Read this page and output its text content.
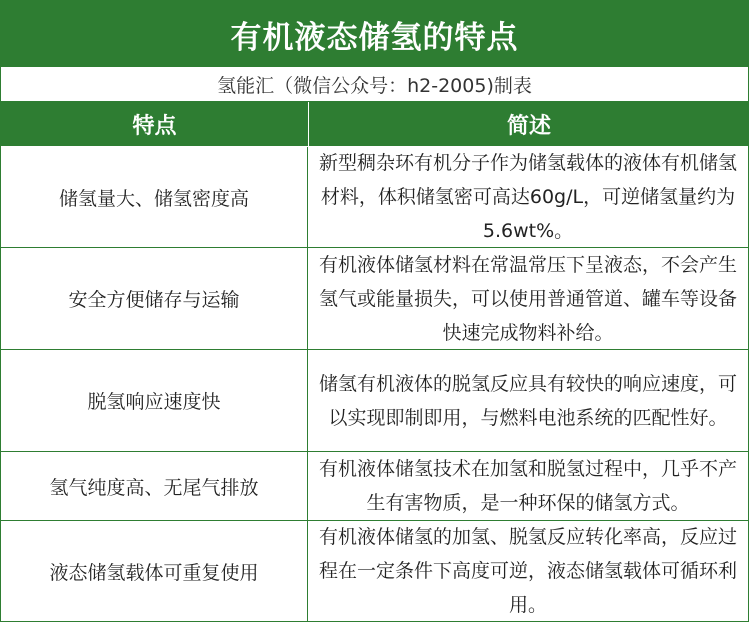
有机液态储氢的特点
氢能汇（微信公众号：h2-2005)制表
特点	简述
储氢量大、储氢密度高
新型稠杂环有机分子作为储氢载体的液体有机储氢材料，体积储氢密可高达60g/L，可逆储氢量约为5.6wt%。
安全方便储存与运输
有机液体储氢材料在常温常压下呈液态，不会产生氢气或能量损失，可以使用普通管道、罐车等设备快速完成物料补给。
脱氢响应速度快
储氢有机液体的脱氢反应具有较快的响应速度，可以实现即制即用，与燃料电池系统的匹配性好。
氢气纯度高、无尾气排放
有机液体储氢技术在加氢和脱氢过程中，几乎不产生有害物质，是一种环保的储氢方式。
液态储氢载体可重复使用
有机液体储氢的加氢、脱氢反应转化率高，反应过程在一定条件下高度可逆，液态储氢载体可循环利用。
